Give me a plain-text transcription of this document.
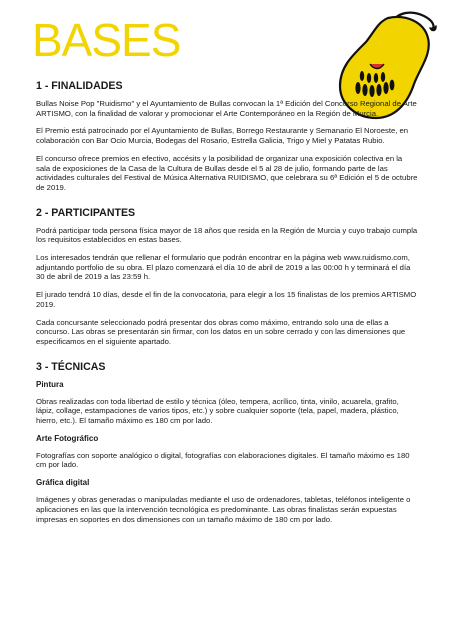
BASES
1 - FINALIDADES

Bullas Noise Pop "Ruidismo" y el Ayuntamiento de Bullas convocan la 1ª Edición del Concurso Regional de Arte ARTISMO, con la finalidad de valorar y promocionar el Arte Contemporáneo en la Región de Murcia.

El Premio está patrocinado por el Ayuntamiento de Bullas, Borrego Restaurante y Semanario El Noroeste, en colaboración con Bar Ocio Murcia, Bodegas del Rosario, Estrella Galicia, Trigo y Miel y Patatas Rubio.

El concurso ofrece premios en efectivo, accésits y la posibilidad de organizar una exposición colectiva en la sala de exposiciones de la Casa de la Cultura de Bullas desde el 5 al 28 de julio, formando parte de las actividades culturales del Festival de Música Alternativa RUIDISMO, que celebrara su 6ª Edición el 5 de octubre de 2019.

2 - PARTICIPANTES

Podrá participar toda persona física mayor de 18 años que resida en la Región de Murcia y cuyo trabajo cumpla los requisitos establecidos en estas bases.

Los interesados tendrán que rellenar el formulario que podrán encontrar en la página web www.ruidismo.com, adjuntando portfolio de su obra. El plazo comenzará el día 10 de abril de 2019 a las 00:00 h y terminará el día 30 de abril de 2019 a las 23:59 h.

El jurado tendrá 10 días, desde el fin de la convocatoria, para elegir a los 15 finalistas de los premios ARTISMO 2019.

Cada concursante seleccionado podrá presentar dos obras como máximo, entrando solo una de ellas a concurso. Las obras se presentarán sin firmar, con los datos en un sobre cerrado y con las dimensiones que especificamos en el siguiente apartado.

3 - TÉCNICAS
Pintura

Obras realizadas con toda libertad de estilo y técnica (óleo, tempera, acrílico, tinta, vinilo, acuarela, grafito, lápiz, collage, estampaciones de varios tipos, etc.) y sobre cualquier soporte (tela, papel, madera, plástico, hierro, etc.). El tamaño máximo es 180 cm por lado.

Arte Fotográfico

Fotografías con soporte analógico o digital, fotografías con elaboraciones digitales. El tamaño máximo es 180 cm por lado.

Gráfica digital

Imágenes y obras generadas o manipuladas mediante el uso de ordenadores, tabletas, teléfonos inteligente o aplicaciones en las que la intervención tecnológica es predominante. Las obras finalistas serán expuestas impresas en soportes en dos dimensiones con un tamaño máximo de 180 cm por lado.
